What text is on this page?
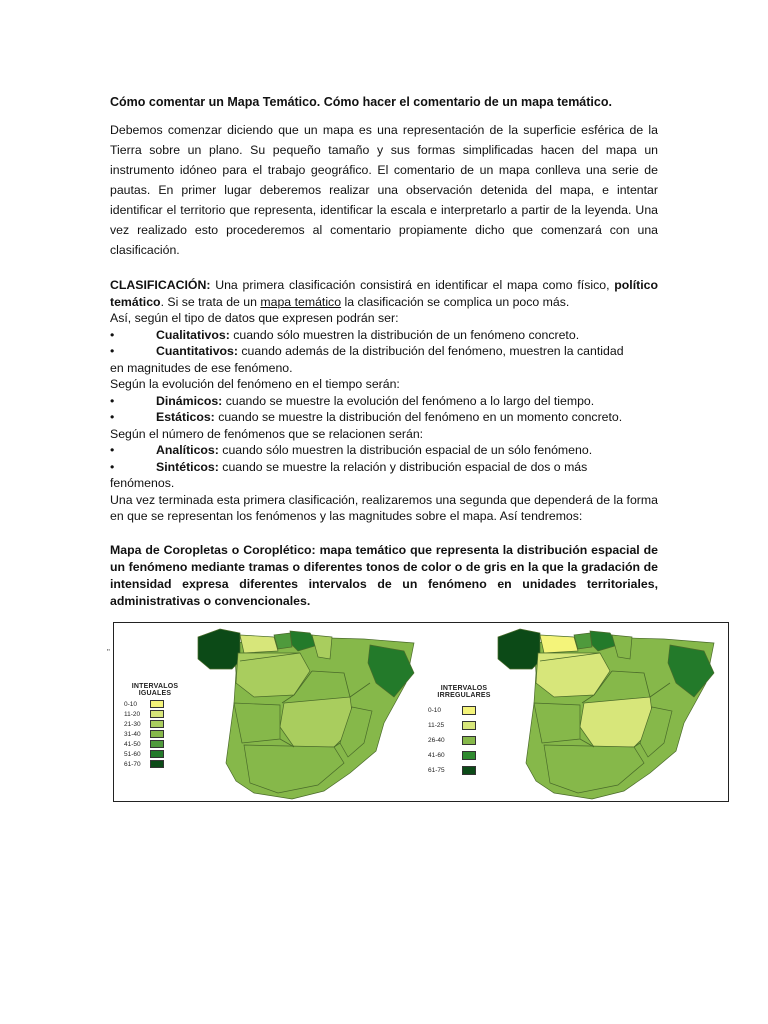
Cómo comentar un Mapa Temático. Cómo hacer el comentario de un mapa temático.

Debemos comenzar diciendo que un mapa es una representación de la superficie esférica de la Tierra sobre un plano. Su pequeño tamaño y sus formas simplificadas hacen del mapa un instrumento idóneo para el trabajo geográfico. El comentario de un mapa conlleva una serie de pautas. En primer lugar deberemos realizar una observación detenida del mapa, e intentar identificar el territorio que representa, identificar la escala e interpretarlo a partir de la leyenda. Una vez realizado esto procederemos al comentario propiamente dicho que comenzará con una clasificación.

CLASIFICACIÓN: Una primera clasificación consistirá en identificar el mapa como físico, político temático. Si se trata de un mapa temático la clasificación se complica un poco más.
Así, según el tipo de datos que expresen podrán ser:
•	Cualitativos: cuando sólo muestren la distribución de un fenómeno concreto.
•	Cuantitativos: cuando además de la distribución del fenómeno, muestren la cantidad
en magnitudes de ese fenómeno.
Según la evolución del fenómeno en el tiempo serán:
•	Dinámicos: cuando se muestre la evolución del fenómeno a lo largo del tiempo.
•	Estáticos: cuando se muestre la distribución del fenómeno en un momento concreto.
Según el número de fenómenos que se relacionen serán:
•	Analíticos: cuando sólo muestren la distribución espacial de un sólo fenómeno.
•	Sintéticos: cuando se muestre la relación y distribución espacial de dos o más
fenómenos.
Una vez terminada esta primera clasificación, realizaremos una segunda que dependerá de la forma en que se representan los fenómenos y las magnitudes sobre el mapa. Así tendremos:
Mapa de Coropletas o Coroplético: mapa temático que representa la distribución espacial de un fenómeno mediante tramas o diferentes tonos de color o de gris en la que la gradación de intensidad expresa diferentes intervalos de un fenómeno en unidades territoriales, administrativas o convencionales.
"
INTERVALOS
IGUALES
0-10
11-20
21-30
31-40
41-50
51-60
61-70
INTERVALOS
IRREGULARES
0-10
11-25
26-40
41-60
61-75
